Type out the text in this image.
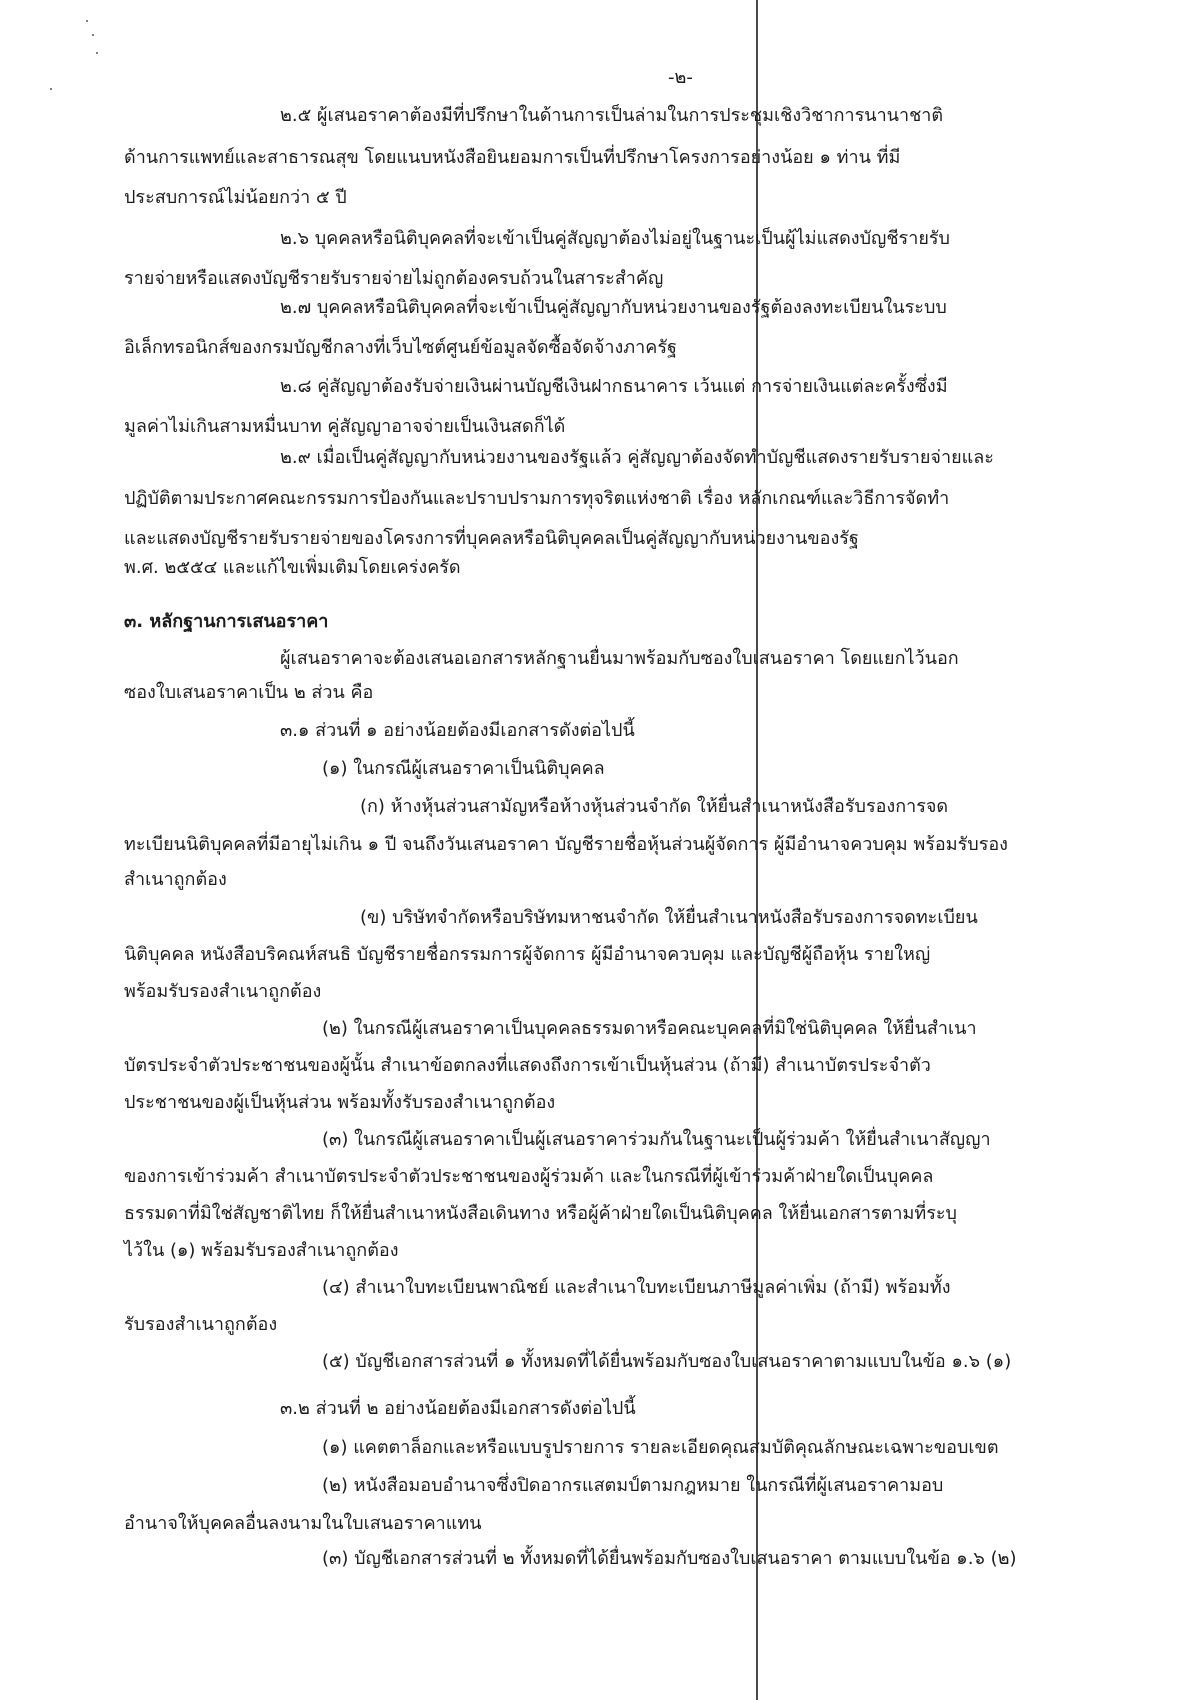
-๒-
๒.๕ ผู้เสนอราคาต้องมีที่ปรึกษาในด้านการเป็นล่ามในการประชุมเชิงวิชาการนานาชาติ
ด้านการแพทย์และสาธารณสุข โดยแนบหนังสือยินยอมการเป็นที่ปรึกษาโครงการอย่างน้อย ๑ ท่าน ที่มี
ประสบการณ์ไม่น้อยกว่า ๕ ปี
๒.๖ บุคคลหรือนิติบุคคลที่จะเข้าเป็นคู่สัญญาต้องไม่อยู่ในฐานะเป็นผู้ไม่แสดงบัญชีรายรับ
รายจ่ายหรือแสดงบัญชีรายรับรายจ่ายไม่ถูกต้องครบถ้วนในสาระสำคัญ
๒.๗ บุคคลหรือนิติบุคคลที่จะเข้าเป็นคู่สัญญากับหน่วยงานของรัฐต้องลงทะเบียนในระบบ
อิเล็กทรอนิกส์ของกรมบัญชีกลางที่เว็บไซต์ศูนย์ข้อมูลจัดซื้อจัดจ้างภาครัฐ
๒.๘ คู่สัญญาต้องรับจ่ายเงินผ่านบัญชีเงินฝากธนาคาร เว้นแต่ การจ่ายเงินแต่ละครั้งซึ่งมี
มูลค่าไม่เกินสามหมื่นบาท คู่สัญญาอาจจ่ายเป็นเงินสดก็ได้
๒.๙ เมื่อเป็นคู่สัญญากับหน่วยงานของรัฐแล้ว คู่สัญญาต้องจัดทำบัญชีแสดงรายรับรายจ่ายและ
ปฏิบัติตามประกาศคณะกรรมการป้องกันและปราบปรามการทุจริตแห่งชาติ เรื่อง หลักเกณฑ์และวิธีการจัดทำ
และแสดงบัญชีรายรับรายจ่ายของโครงการที่บุคคลหรือนิติบุคคลเป็นคู่สัญญากับหน่วยงานของรัฐ
พ.ศ. ๒๕๕๔ และแก้ไขเพิ่มเติมโดยเคร่งครัด
๓. หลักฐานการเสนอราคา
ผู้เสนอราคาจะต้องเสนอเอกสารหลักฐานยื่นมาพร้อมกับซองใบเสนอราคา โดยแยกไว้นอก
ซองใบเสนอราคาเป็น ๒ ส่วน คือ
๓.๑ ส่วนที่ ๑ อย่างน้อยต้องมีเอกสารดังต่อไปนี้
(๑) ในกรณีผู้เสนอราคาเป็นนิติบุคคล
(ก) ห้างหุ้นส่วนสามัญหรือห้างหุ้นส่วนจำกัด ให้ยื่นสำเนาหนังสือรับรองการจด
ทะเบียนนิติบุคคลที่มีอายุไม่เกิน ๑ ปี จนถึงวันเสนอราคา บัญชีรายชื่อหุ้นส่วนผู้จัดการ ผู้มีอำนาจควบคุม พร้อมรับรอง
สำเนาถูกต้อง
(ข) บริษัทจำกัดหรือบริษัทมหาชนจำกัด ให้ยื่นสำเนาหนังสือรับรองการจดทะเบียน
นิติบุคคล หนังสือบริคณห์สนธิ บัญชีรายชื่อกรรมการผู้จัดการ ผู้มีอำนาจควบคุม และบัญชีผู้ถือหุ้น รายใหญ่
พร้อมรับรองสำเนาถูกต้อง
(๒) ในกรณีผู้เสนอราคาเป็นบุคคลธรรมดาหรือคณะบุคคลที่มิใช่นิติบุคคล ให้ยื่นสำเนา
บัตรประจำตัวประชาชนของผู้นั้น สำเนาข้อตกลงที่แสดงถึงการเข้าเป็นหุ้นส่วน (ถ้ามี) สำเนาบัตรประจำตัว
ประชาชนของผู้เป็นหุ้นส่วน พร้อมทั้งรับรองสำเนาถูกต้อง
(๓) ในกรณีผู้เสนอราคาเป็นผู้เสนอราคาร่วมกันในฐานะเป็นผู้ร่วมค้า ให้ยื่นสำเนาสัญญา
ของการเข้าร่วมค้า สำเนาบัตรประจำตัวประชาชนของผู้ร่วมค้า และในกรณีที่ผู้เข้าร่วมค้าฝ่ายใดเป็นบุคคล
ธรรมดาที่มิใช่สัญชาติไทย ก็ให้ยื่นสำเนาหนังสือเดินทาง หรือผู้ค้าฝ่ายใดเป็นนิติบุคคล ให้ยื่นเอกสารตามที่ระบุ
ไว้ใน (๑) พร้อมรับรองสำเนาถูกต้อง
(๔) สำเนาใบทะเบียนพาณิชย์ และสำเนาใบทะเบียนภาษีมูลค่าเพิ่ม (ถ้ามี) พร้อมทั้ง
รับรองสำเนาถูกต้อง
(๕) บัญชีเอกสารส่วนที่ ๑ ทั้งหมดที่ได้ยื่นพร้อมกับซองใบเสนอราคาตามแบบในข้อ ๑.๖ (๑)
๓.๒ ส่วนที่ ๒ อย่างน้อยต้องมีเอกสารดังต่อไปนี้
(๑) แคตตาล็อกและหรือแบบรูปรายการ รายละเอียดคุณสมบัติคุณลักษณะเฉพาะขอบเขต
(๒) หนังสือมอบอำนาจซึ่งปิดอากรแสตมป์ตามกฎหมาย ในกรณีที่ผู้เสนอราคามอบ
อำนาจให้บุคคลอื่นลงนามในใบเสนอราคาแทน
(๓) บัญชีเอกสารส่วนที่ ๒ ทั้งหมดที่ได้ยื่นพร้อมกับซองใบเสนอราคา ตามแบบในข้อ ๑.๖ (๒)
